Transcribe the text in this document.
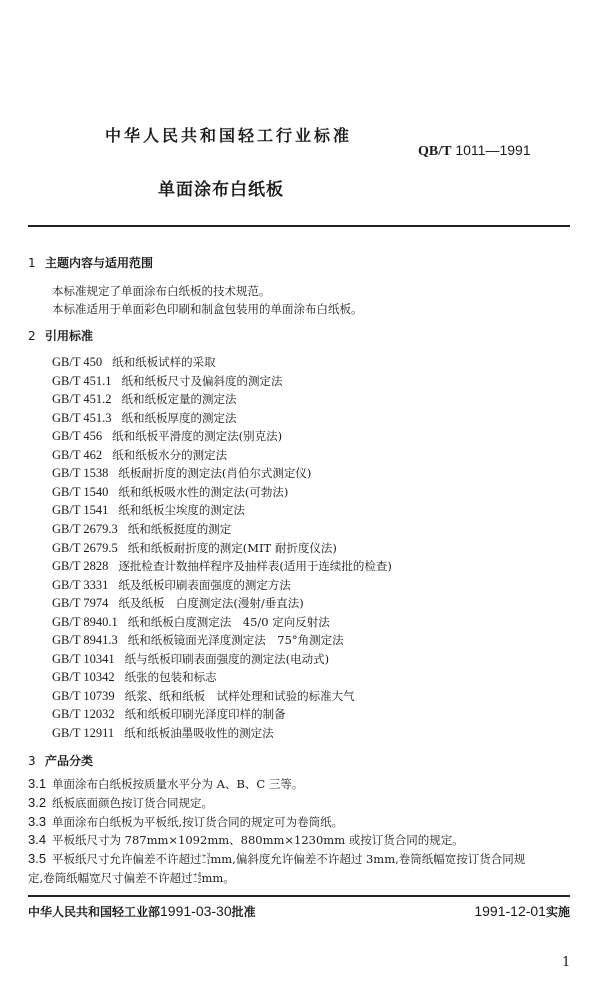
中华人民共和国轻工行业标准
QB/T 1011—1991
单面涂布白纸板
1 主题内容与适用范围
本标准规定了单面涂布白纸板的技术规范。
本标准适用于单面彩色印刷和制盒包装用的单面涂布白纸板。
2 引用标准
GB/T 450 纸和纸板试样的采取
GB/T 451.1 纸和纸板尺寸及偏斜度的测定法
GB/T 451.2 纸和纸板定量的测定法
GB/T 451.3 纸和纸板厚度的测定法
GB/T 456 纸和纸板平滑度的测定法(别克法)
GB/T 462 纸和纸板水分的测定法
GB/T 1538 纸板耐折度的测定法(肖伯尔式测定仪)
GB/T 1540 纸和纸板吸水性的测定法(可勃法)
GB/T 1541 纸和纸板尘埃度的测定法
GB/T 2679.3 纸和纸板挺度的测定
GB/T 2679.5 纸和纸板耐折度的测定(MIT 耐折度仪法)
GB/T 2828 逐批检查计数抽样程序及抽样表(适用于连续批的检查)
GB/T 3331 纸及纸板印刷表面强度的测定方法
GB/T 7974 纸及纸板　白度测定法(漫射/垂直法)
GB/T 8940.1 纸和纸板白度测定法　45/0 定向反射法
GB/T 8941.3 纸和纸板镜面光泽度测定法　75°角测定法
GB/T 10341 纸与纸板印刷表面强度的测定法(电动式)
GB/T 10342 纸张的包装和标志
GB/T 10739 纸浆、纸和纸板　试样处理和试验的标准大气
GB/T 12032 纸和纸板印刷光泽度印样的制备
GB/T 12911 纸和纸板油墨吸收性的测定法
3 产品分类
3.1 单面涂布白纸板按质量水平分为 A、B、C 三等。
3.2 纸板底面颜色按订货合同规定。
3.3 单面涂布白纸板为平板纸,按订货合同的规定可为卷筒纸。
3.4 平板纸尺寸为 787mm×1092mm、880mm×1230mm 或按订货合同的规定。
3.5 平板纸尺寸允许偏差不许超过+3
−1mm,偏斜度允许偏差不许超过 3mm,卷筒纸幅宽按订货合同规
定,卷筒纸幅宽尺寸偏差不许超过+4
−2mm。
中华人民共和国轻工业部1991-03-30批准	1991-12-01实施
1
